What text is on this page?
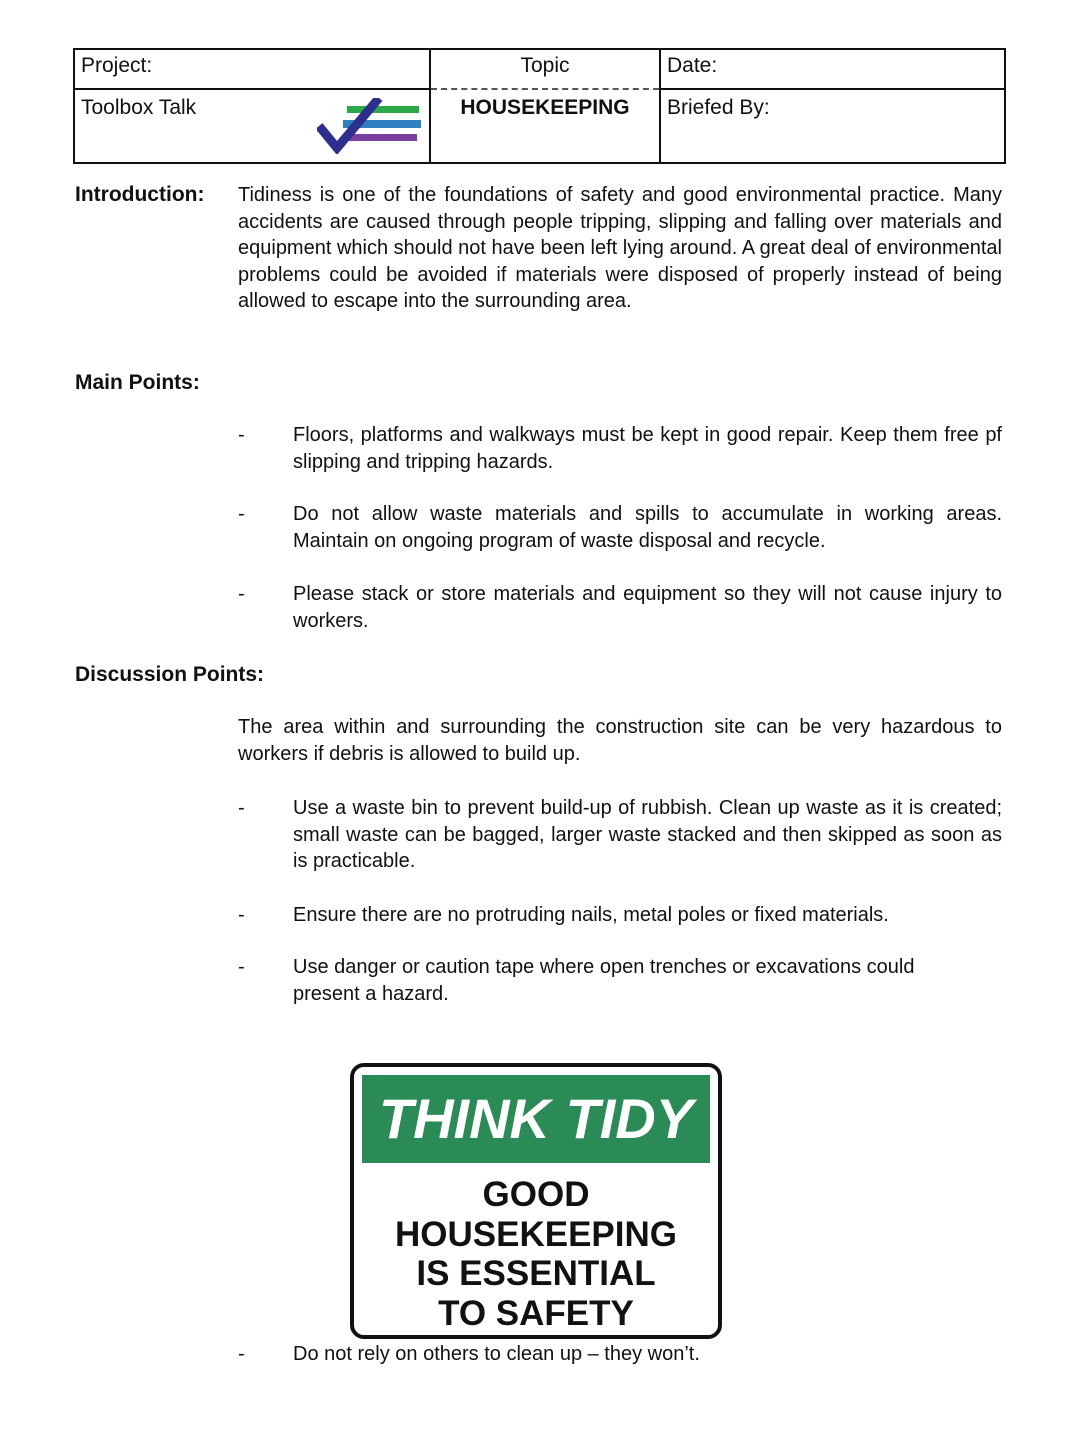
Project:	Topic	Date:
Toolbox Talk	HOUSEKEEPING	Briefed By:
Introduction: Tidiness is one of the foundations of safety and good environmental practice. Many accidents are caused through people tripping, slipping and falling over materials and equipment which should not have been left lying around. A great deal of environmental problems could be avoided if materials were disposed of properly instead of being allowed to escape into the surrounding area.
Main Points:
- Floors, platforms and walkways must be kept in good repair. Keep them free pf slipping and tripping hazards.
- Do not allow waste materials and spills to accumulate in working areas. Maintain on ongoing program of waste disposal and recycle.
- Please stack or store materials and equipment so they will not cause injury to workers.
Discussion Points:
The area within and surrounding the construction site can be very hazardous to workers if debris is allowed to build up.
- Use a waste bin to prevent build-up of rubbish. Clean up waste as it is created; small waste can be bagged, larger waste stacked and then skipped as soon as is practicable.
- Ensure there are no protruding nails, metal poles or fixed materials.
- Use danger or caution tape where open trenches or excavations could present a hazard.
THINK TIDY
GOOD
HOUSEKEEPING
IS ESSENTIAL
TO SAFETY
- Do not rely on others to clean up – they won’t.
